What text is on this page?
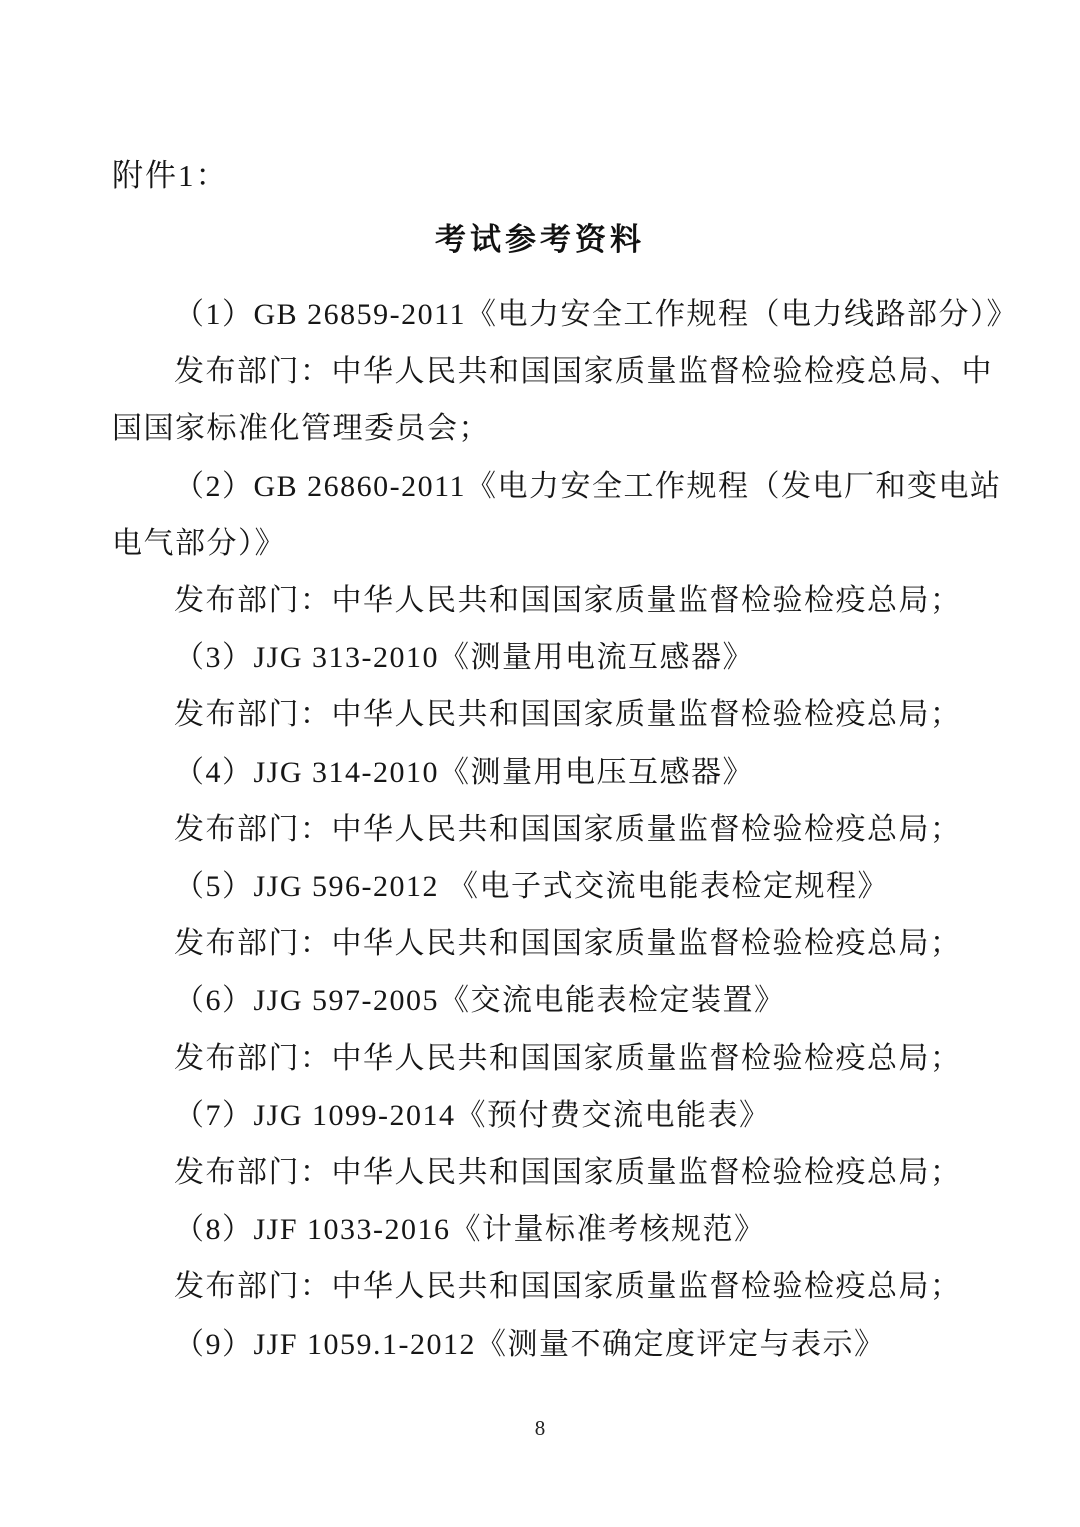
附件1：
考试参考资料
（1）GB 26859-2011《电力安全工作规程（电力线路部分）》
发布部门：中华人民共和国国家质量监督检验检疫总局、中
国国家标准化管理委员会；
（2）GB 26860-2011《电力安全工作规程（发电厂和变电站
电气部分）》
发布部门：中华人民共和国国家质量监督检验检疫总局；
（3）JJG 313-2010《测量用电流互感器》
发布部门：中华人民共和国国家质量监督检验检疫总局；
（4）JJG 314-2010《测量用电压互感器》
发布部门：中华人民共和国国家质量监督检验检疫总局；
（5）JJG 596-2012 《电子式交流电能表检定规程》
发布部门：中华人民共和国国家质量监督检验检疫总局；
（6）JJG 597-2005《交流电能表检定装置》
发布部门：中华人民共和国国家质量监督检验检疫总局；
（7）JJG 1099-2014《预付费交流电能表》
发布部门：中华人民共和国国家质量监督检验检疫总局；
（8）JJF 1033-2016《计量标准考核规范》
发布部门：中华人民共和国国家质量监督检验检疫总局；
（9）JJF 1059.1-2012《测量不确定度评定与表示》
8
